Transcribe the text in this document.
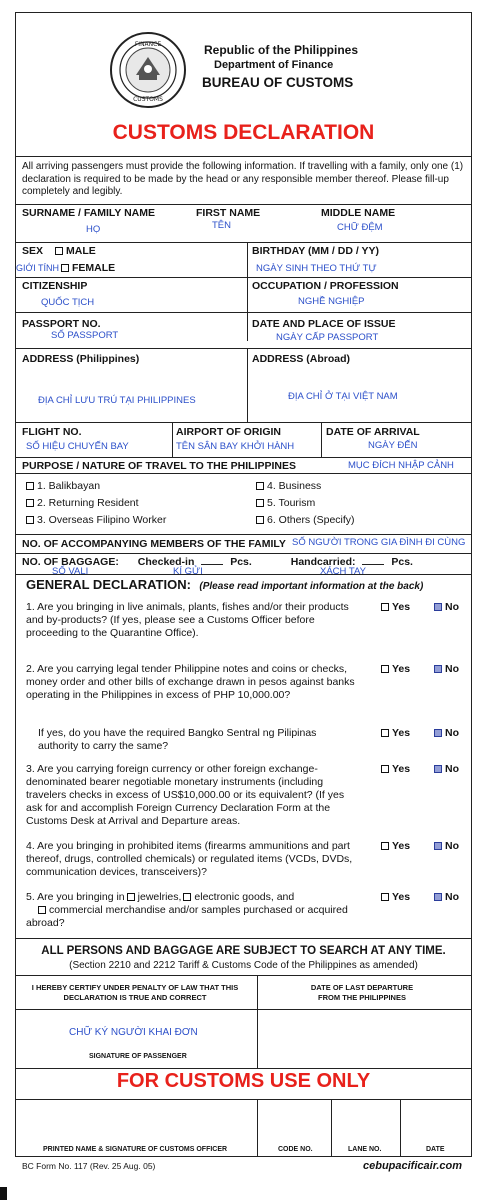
FINANCE
CUSTOMS
Republic of the Philippines
Department of Finance
BUREAU OF CUSTOMS
CUSTOMS DECLARATION
All arriving passengers must provide the following information. If travelling with a family, only one (1) declaration is required to be made by the head or any responsible member thereof. Please fill-up completely and legibly.
SURNAME / FAMILY NAME	FIRST NAME	MIDDLE NAME
HỌ	TÊN	CHỮ ĐỆM
SEX MALE
FEMALE
GIỚI TÍNH
BIRTHDAY (MM / DD / YY)
NGÀY SINH THEO THỨ TỰ
CITIZENSHIP
QUỐC TỊCH
OCCUPATION / PROFESSION
NGHỀ NGHIỆP
PASSPORT NO.
SỐ PASSPORT
DATE AND PLACE OF ISSUE
NGÀY CẤP PASSPORT
ADDRESS (Philippines)	ADDRESS (Abroad)
ĐỊA CHỈ LƯU TRÚ TẠI PHILIPPINES	ĐỊA CHỈ Ở TẠI VIỆT NAM
FLIGHT NO.
SỐ HIỆU CHUYẾN BAY
AIRPORT OF ORIGIN
TÊN SÂN BAY KHỞI HÀNH
DATE OF ARRIVAL
NGÀY ĐẾN
PURPOSE / NATURE OF TRAVEL TO THE PHILIPPINES	MỤC ĐÍCH NHẬP CẢNH
1. Balikbayan
2. Returning Resident
3. Overseas Filipino Worker
4. Business
5. Tourism
6. Others (Specify)
NO. OF ACCOMPANYING MEMBERS OF THE FAMILY SỐ NGƯỜI TRONG GIA ĐÌNH ĐI CÙNG
NO. OF BAGGAGE: Checked-in	Pcs.	Handcarried:	Pcs.
SỐ VALI	KÍ GỬI	XÁCH TAY
GENERAL DECLARATION: (Please read important information at the back)
1. Are you bringing in live animals, plants, fishes and/or their products and by-products? (If yes, please see a Customs Officer before proceeding to the Quarantine Office).
Yes	No
2. Are you carrying legal tender Philippine notes and coins or checks, money order and other bills of exchange drawn in pesos against banks operating in the Philippines in excess of PHP 10,000.00?
Yes	No
If yes, do you have the required Bangko Sentral ng Pilipinas authority to carry the same?
Yes	No
3. Are you carrying foreign currency or other foreign exchange-denominated bearer negotiable monetary instruments (including travelers checks in excess of US$10,000.00 or its equivalent? (If yes ask for and accomplish Foreign Currency Declaration Form at the Customs Desk at Arrival and Departure areas.
Yes	No
4. Are you bringing in prohibited items (firearms ammunitions and part thereof, drugs, controlled chemicals) or regulated items (VCDs, DVDs, communication devices, transceivers)?
Yes	No
5. Are you bringing in jewelries, electronic goods, and
commercial merchandise and/or samples purchased or acquired abroad?
Yes	No
ALL PERSONS AND BAGGAGE ARE SUBJECT TO SEARCH AT ANY TIME.
(Section 2210 and 2212 Tariff & Customs Code of the Philippines as amended)
I HEREBY CERTIFY UNDER PENALTY OF LAW THAT THIS DECLARATION IS TRUE AND CORRECT
DATE OF LAST DEPARTURE FROM THE PHILIPPINES
CHỮ KÝ NGƯỜI KHAI ĐƠN
SIGNATURE OF PASSENGER
FOR CUSTOMS USE ONLY
PRINTED NAME & SIGNATURE OF CUSTOMS OFFICER	CODE NO.	LANE NO.	DATE
BC Form No. 117 (Rev. 25 Aug. 05)	cebupacificair.com
